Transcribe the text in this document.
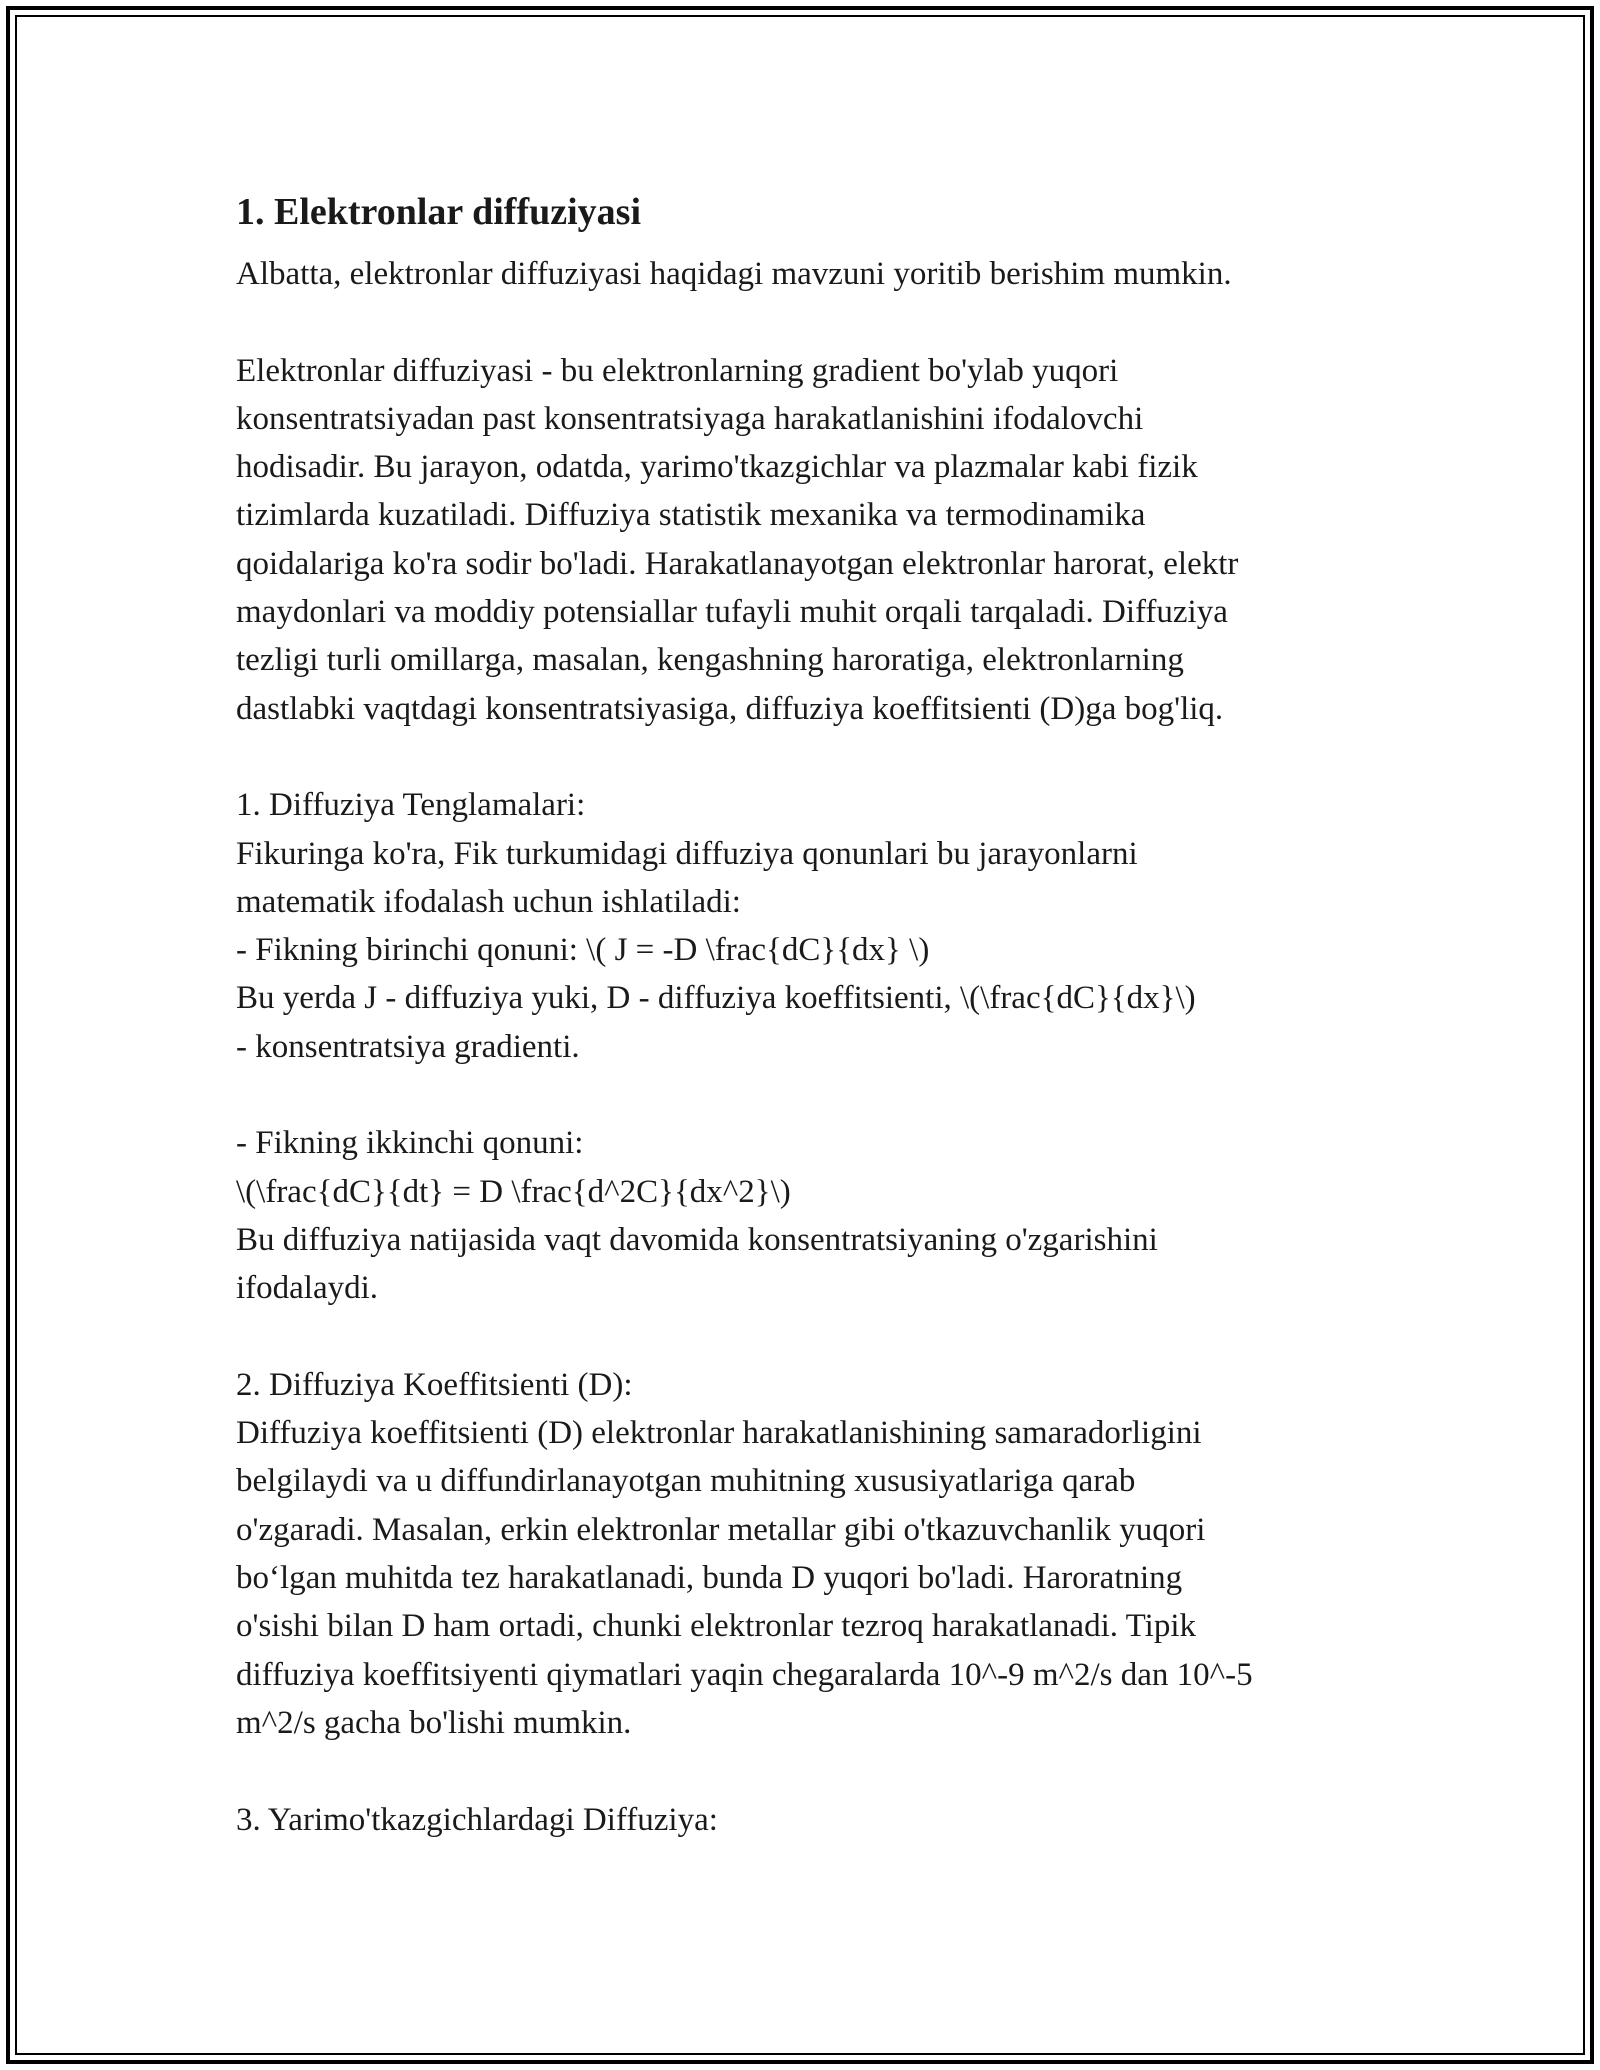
1. Elektronlar diffuziyasi

Albatta, elektronlar diffuziyasi haqidagi mavzuni yoritib berishim mumkin.

Elektronlar diffuziyasi - bu elektronlarning gradient bo'ylab yuqori
konsentratsiyadan past konsentratsiyaga harakatlanishini ifodalovchi
hodisadir. Bu jarayon, odatda, yarimo'tkazgichlar va plazmalar kabi fizik
tizimlarda kuzatiladi. Diffuziya statistik mexanika va termodinamika
qoidalariga ko'ra sodir bo'ladi. Harakatlanayotgan elektronlar harorat, elektr
maydonlari va moddiy potensiallar tufayli muhit orqali tarqaladi. Diffuziya
tezligi turli omillarga, masalan, kengashning haroratiga, elektronlarning
dastlabki vaqtdagi konsentratsiyasiga, diffuziya koeffitsienti (D)ga bog'liq.

1. Diffuziya Tenglamalari:
Fikuringa ko'ra, Fik turkumidagi diffuziya qonunlari bu jarayonlarni
matematik ifodalash uchun ishlatiladi:
- Fikning birinchi qonuni: \( J = -D \frac{dC}{dx} \)
Bu yerda J - diffuziya yuki, D - diffuziya koeffitsienti, \(\frac{dC}{dx}\)
- konsentratsiya gradienti.

- Fikning ikkinchi qonuni:
\(\frac{dC}{dt} = D \frac{d^2C}{dx^2}\)
Bu diffuziya natijasida vaqt davomida konsentratsiyaning o'zgarishini
ifodalaydi.

2. Diffuziya Koeffitsienti (D):
Diffuziya koeffitsienti (D) elektronlar harakatlanishining samaradorligini
belgilaydi va u diffundirlanayotgan muhitning xususiyatlariga qarab
o'zgaradi. Masalan, erkin elektronlar metallar gibi o'tkazuvchanlik yuqori
bo‘lgan muhitda tez harakatlanadi, bunda D yuqori bo'ladi. Haroratning
o'sishi bilan D ham ortadi, chunki elektronlar tezroq harakatlanadi. Tipik
diffuziya koeffitsiyenti qiymatlari yaqin chegaralarda 10^-9 m^2/s dan 10^-5
m^2/s gacha bo'lishi mumkin.

3. Yarimo'tkazgichlardagi Diffuziya:
